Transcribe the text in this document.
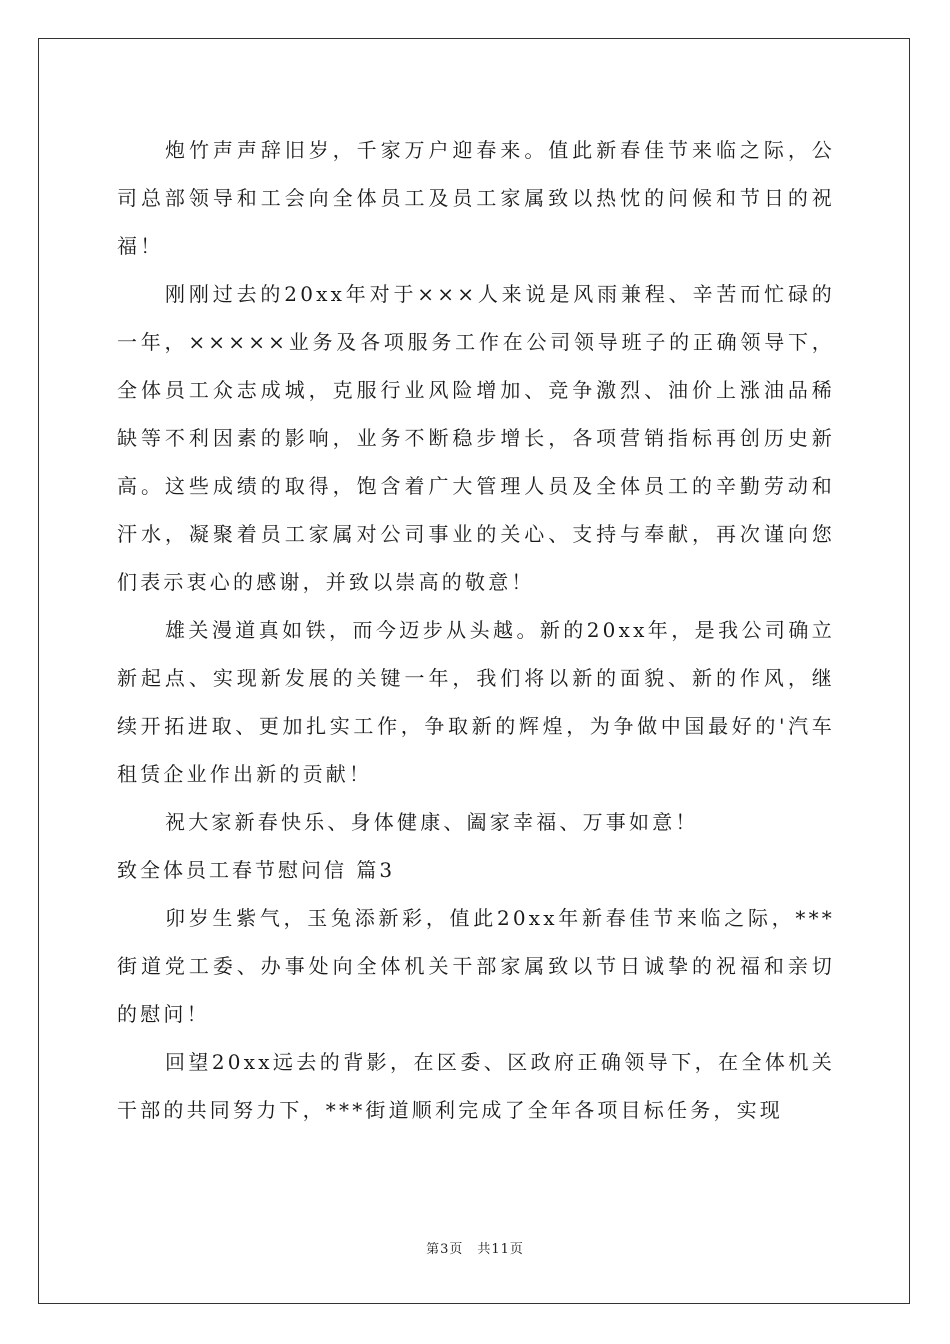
炮竹声声辞旧岁，千家万户迎春来。值此新春佳节来临之际，公司总部领导和工会向全体员工及员工家属致以热忱的问候和节日的祝福！

刚刚过去的20xx年对于×××人来说是风雨兼程、辛苦而忙碌的一年，×××××业务及各项服务工作在公司领导班子的正确领导下，全体员工众志成城，克服行业风险增加、竞争激烈、油价上涨油品稀缺等不利因素的影响，业务不断稳步增长，各项营销指标再创历史新高。这些成绩的取得，饱含着广大管理人员及全体员工的辛勤劳动和汗水，凝聚着员工家属对公司事业的关心、支持与奉献，再次谨向您们表示衷心的感谢，并致以崇高的敬意！

雄关漫道真如铁，而今迈步从头越。新的20xx年，是我公司确立新起点、实现新发展的关键一年，我们将以新的面貌、新的作风，继续开拓进取、更加扎实工作，争取新的辉煌，为争做中国最好的'汽车租赁企业作出新的贡献！

祝大家新春快乐、身体健康、阖家幸福、万事如意！

致全体员工春节慰问信 篇3

卯岁生紫气，玉兔添新彩，值此20xx年新春佳节来临之际，***街道党工委、办事处向全体机关干部家属致以节日诚挚的祝福和亲切的慰问！

回望20xx远去的背影，在区委、区政府正确领导下，在全体机关干部的共同努力下，***街道顺利完成了全年各项目标任务，实现

第3页 共11页
